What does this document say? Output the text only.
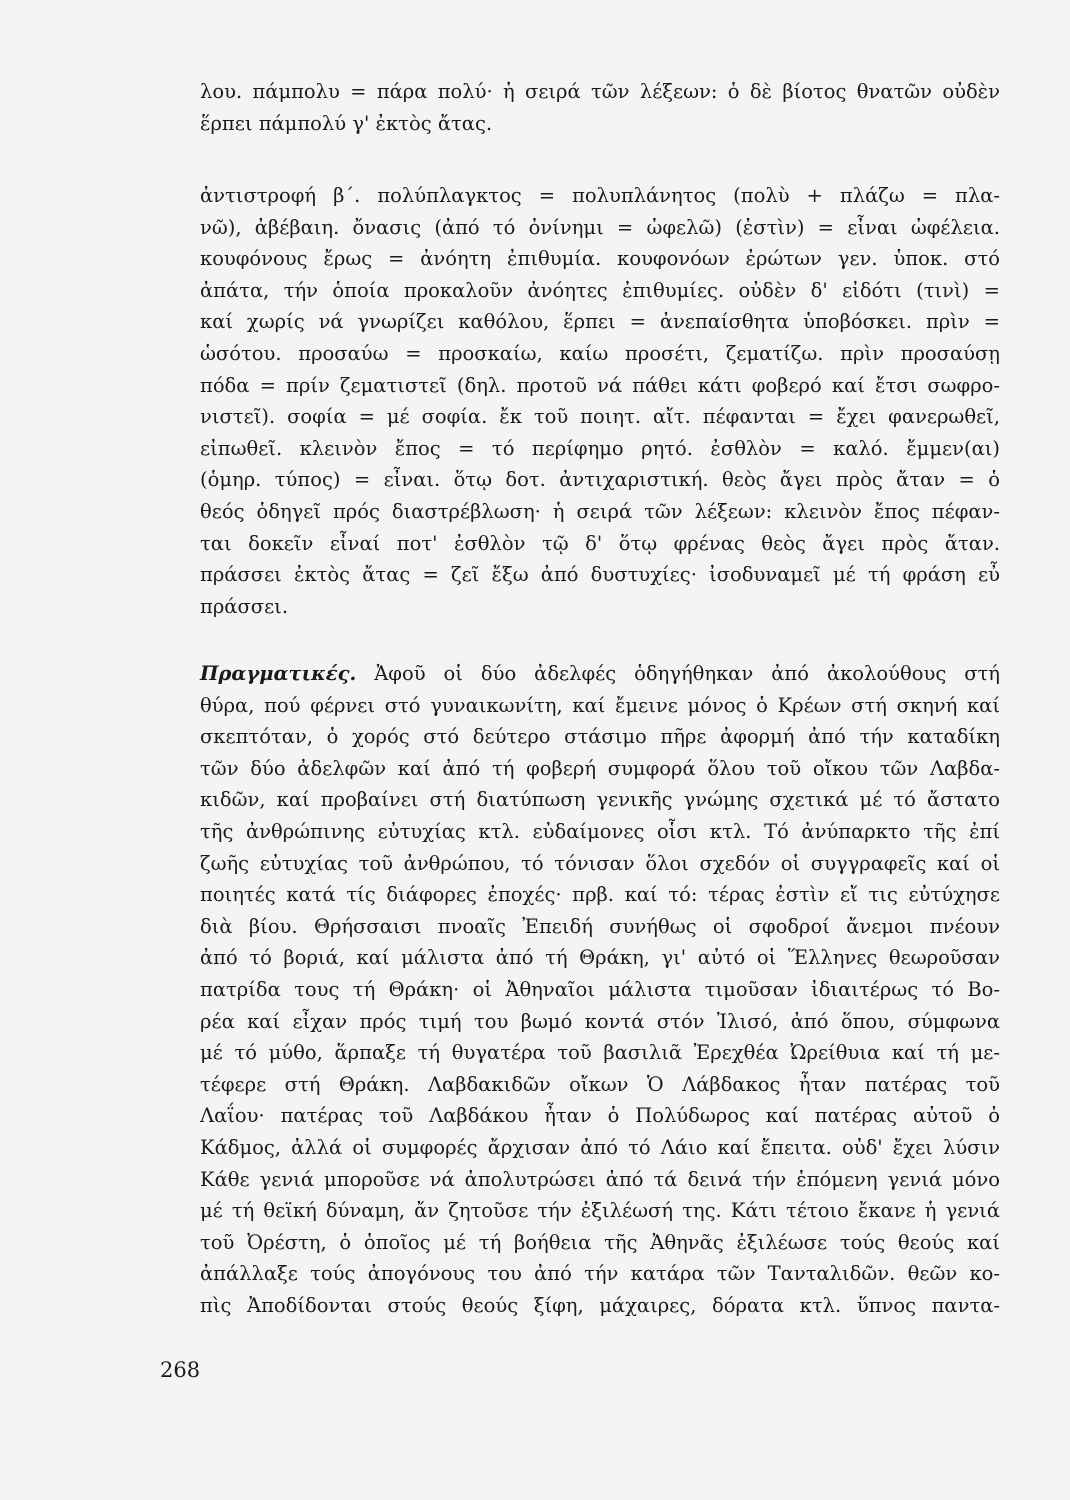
λου. πάμπολυ = πάρα πολύ· ἡ σειρά τῶν λέξεων: ὁ δὲ βίοτος θνατῶν οὐδὲν
ἕρπει πάμπολύ γ' ἐκτὸς ἄτας.
ἀντιστροφή β΄. πολύπλαγκτος = πολυπλάνητος (πολὺ + πλάζω = πλα-
νῶ), ἀβέβαιη. ὄνασις (ἀπό τό ὀνίνημι = ὠφελῶ) (ἐστὶν) = εἶναι ὠφέλεια.
κουφόνους ἔρως = ἀνόητη ἐπιθυμία. κουφονόων ἐρώτων γεν. ὑποκ. στό
ἀπάτα, τήν ὁποία προκαλοῦν ἀνόητες ἐπιθυμίες. οὐδὲν δ' εἰδότι (τινὶ) =
καί χωρίς νά γνωρίζει καθόλου, ἕρπει = ἀνεπαίσθητα ὑποβόσκει. πρὶν =
ὡσότου. προσαύω = προσκαίω, καίω προσέτι, ζεματίζω. πρὶν προσαύσῃ
πόδα = πρίν ζεματιστεῖ (δηλ. προτοῦ νά πάθει κάτι φοβερό καί ἔτσι σωφρο-
νιστεῖ). σοφία = μέ σοφία. ἔκ τοῦ ποιητ. αἴτ. πέφανται = ἔχει φανερωθεῖ,
εἰπωθεῖ. κλεινὸν ἔπος = τό περίφημο ρητό. ἐσθλὸν = καλό. ἔμμεν(αι)
(ὁμηρ. τύπος) = εἶναι. ὅτῳ δοτ. ἀντιχαριστική. θεὸς ἄγει πρὸς ἄταν = ὁ
θεός ὁδηγεῖ πρός διαστρέβλωση· ἡ σειρά τῶν λέξεων: κλεινὸν ἔπος πέφαν-
ται δοκεῖν εἶναί ποτ' ἐσθλὸν τῷ δ' ὅτῳ φρένας θεὸς ἄγει πρὸς ἄταν.
πράσσει ἐκτὸς ἄτας = ζεῖ ἔξω ἀπό δυστυχίες· ἰσοδυναμεῖ μέ τή φράση εὖ
πράσσει.
Πραγματικές. Ἀφοῦ οἱ δύο ἀδελφές ὁδηγήθηκαν ἀπό ἀκολούθους στή
θύρα, πού φέρνει στό γυναικωνίτη, καί ἔμεινε μόνος ὁ Κρέων στή σκηνή καί
σκεπτόταν, ὁ χορός στό δεύτερο στάσιμο πῆρε ἀφορμή ἀπό τήν καταδίκη
τῶν δύο ἀδελφῶν καί ἀπό τή φοβερή συμφορά ὅλου τοῦ οἴκου τῶν Λαβδα-
κιδῶν, καί προβαίνει στή διατύπωση γενικῆς γνώμης σχετικά μέ τό ἄστατο
τῆς ἀνθρώπινης εὐτυχίας κτλ. εὐδαίμονες οἷσι κτλ. Τό ἀνύπαρκτο τῆς ἐπί
ζωῆς εὐτυχίας τοῦ ἀνθρώπου, τό τόνισαν ὅλοι σχεδόν οἱ συγγραφεῖς καί οἱ
ποιητές κατά τίς διάφορες ἐποχές· πρβ. καί τό: τέρας ἐστὶν εἴ τις εὐτύχησε
διὰ βίου. Θρήσσαισι πνοαῖς Ἐπειδή συνήθως οἱ σφοδροί ἄνεμοι πνέουν
ἀπό τό βοριά, καί μάλιστα ἀπό τή Θράκη, γι' αὐτό οἱ Ἕλληνες θεωροῦσαν
πατρίδα τους τή Θράκη· οἱ Ἀθηναῖοι μάλιστα τιμοῦσαν ἰδιαιτέρως τό Βο-
ρέα καί εἶχαν πρός τιμή του βωμό κοντά στόν Ἰλισό, ἀπό ὅπου, σύμφωνα
μέ τό μύθο, ἅρπαξε τή θυγατέρα τοῦ βασιλιᾶ Ἐρεχθέα Ὠρείθυια καί τή με-
τέφερε στή Θράκη. Λαβδακιδῶν οἴκων Ὁ Λάβδακος ἦταν πατέρας τοῦ
Λαΐου· πατέρας τοῦ Λαβδάκου ἦταν ὁ Πολύδωρος καί πατέρας αὐτοῦ ὁ
Κάδμος, ἀλλά οἱ συμφορές ἄρχισαν ἀπό τό Λάιο καί ἔπειτα. οὐδ' ἔχει λύσιν
Κάθε γενιά μποροῦσε νά ἀπολυτρώσει ἀπό τά δεινά τήν ἑπόμενη γενιά μόνο
μέ τή θεϊκή δύναμη, ἄν ζητοῦσε τήν ἐξιλέωσή της. Κάτι τέτοιο ἔκανε ἡ γενιά
τοῦ Ὀρέστη, ὁ ὁποῖος μέ τή βοήθεια τῆς Ἀθηνᾶς ἐξιλέωσε τούς θεούς καί
ἀπάλλαξε τούς ἀπογόνους του ἀπό τήν κατάρα τῶν Τανταλιδῶν. θεῶν κο-
πὶς Ἀποδίδονται στούς θεούς ξίφη, μάχαιρες, δόρατα κτλ. ὕπνος παντα-
268
